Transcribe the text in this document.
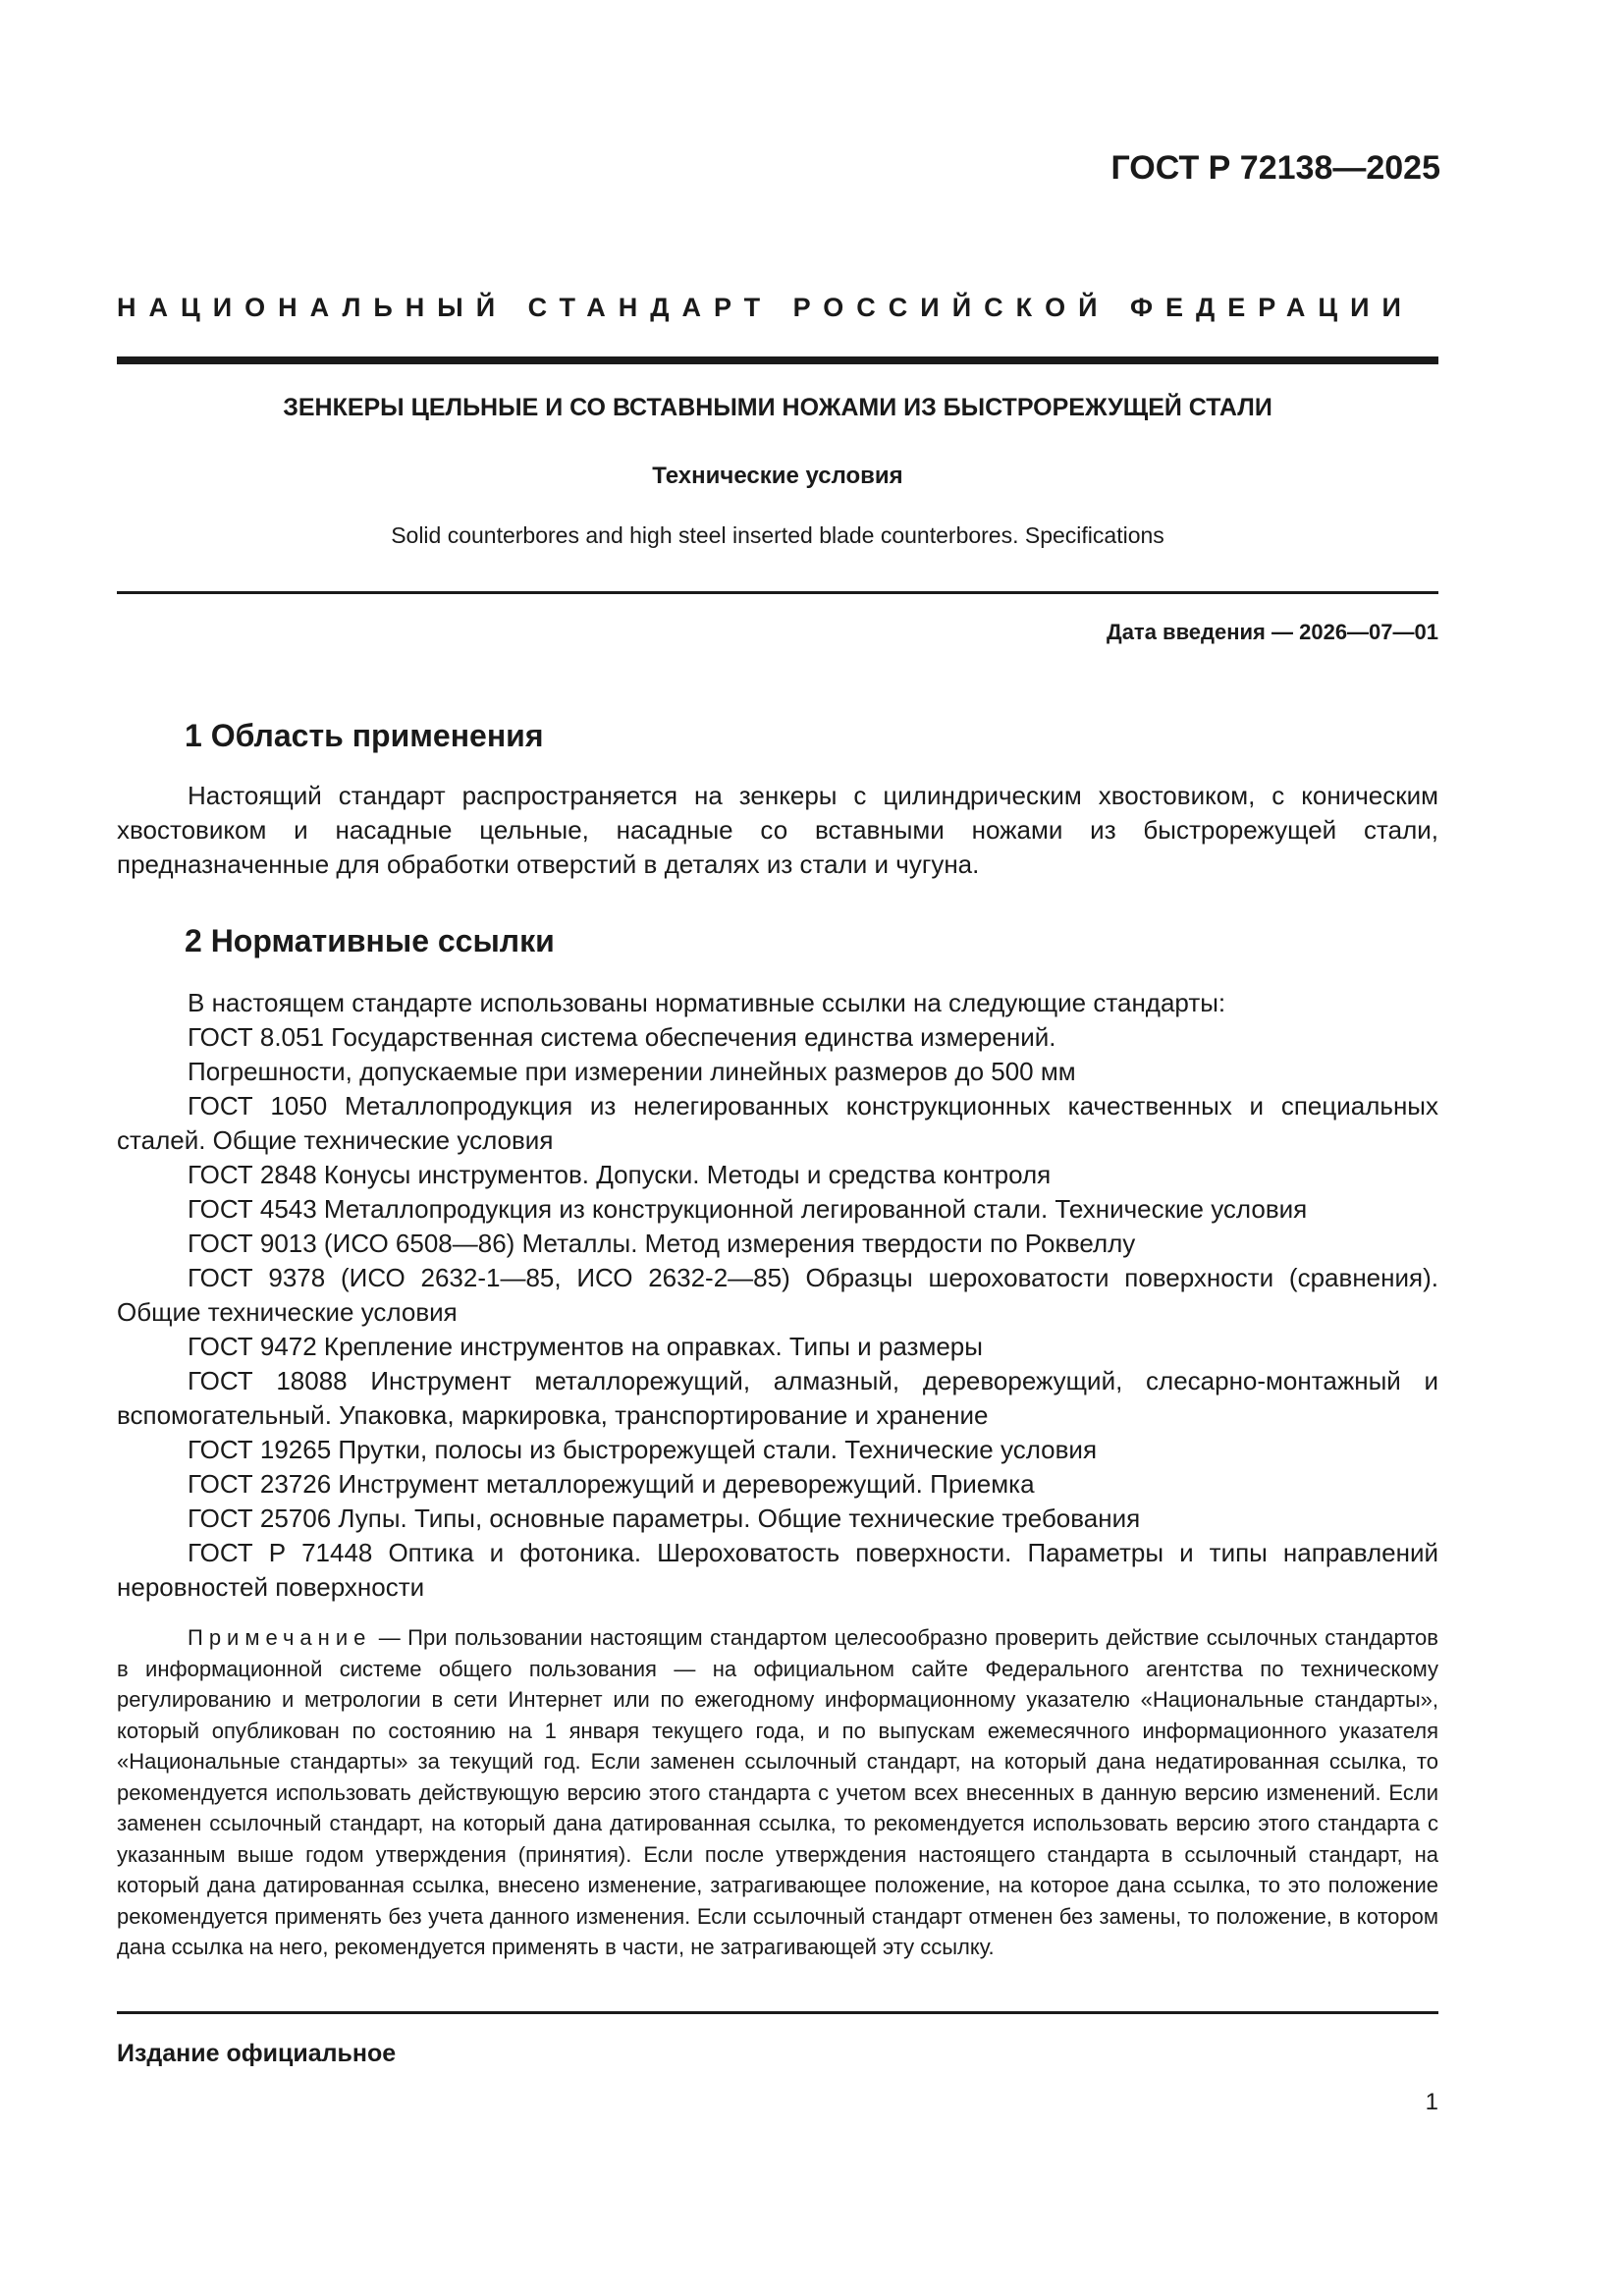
ГОСТ Р 72138—2025
НАЦИОНАЛЬНЫЙ СТАНДАРТ РОССИЙСКОЙ ФЕДЕРАЦИИ
ЗЕНКЕРЫ ЦЕЛЬНЫЕ И СО ВСТАВНЫМИ НОЖАМИ ИЗ БЫСТРОРЕЖУЩЕЙ СТАЛИ
Технические условия
Solid counterbores and high steel inserted blade counterbores. Specifications
Дата введения — 2026—07—01
1 Область применения

Настоящий стандарт распространяется на зенкеры с цилиндрическим хвостовиком, с коническим хвостовиком и насадные цельные, насадные со вставными ножами из быстрорежущей стали, предназначенные для обработки отверстий в деталях из стали и чугуна.

2 Нормативные ссылки

В настоящем стандарте использованы нормативные ссылки на следующие стандарты:

ГОСТ 8.051 Государственная система обеспечения единства измерений.

Погрешности, допускаемые при измерении линейных размеров до 500 мм

ГОСТ 1050 Металлопродукция из нелегированных конструкционных качественных и специальных сталей. Общие технические условия

ГОСТ 2848 Конусы инструментов. Допуски. Методы и средства контроля

ГОСТ 4543 Металлопродукция из конструкционной легированной стали. Технические условия

ГОСТ 9013 (ИСО 6508—86) Металлы. Метод измерения твердости по Роквеллу

ГОСТ 9378 (ИСО 2632-1—85, ИСО 2632-2—85) Образцы шероховатости поверхности (сравнения). Общие технические условия

ГОСТ 9472 Крепление инструментов на оправках. Типы и размеры

ГОСТ 18088 Инструмент металлорежущий, алмазный, дереворежущий, слесарно-монтажный и вспомогательный. Упаковка, маркировка, транспортирование и хранение

ГОСТ 19265 Прутки, полосы из быстрорежущей стали. Технические условия

ГОСТ 23726 Инструмент металлорежущий и дереворежущий. Приемка

ГОСТ 25706 Лупы. Типы, основные параметры. Общие технические требования

ГОСТ Р 71448 Оптика и фотоника. Шероховатость поверхности. Параметры и типы направлений неровностей поверхности

Примечание — При пользовании настоящим стандартом целесообразно проверить действие ссылочных стандартов в информационной системе общего пользования — на официальном сайте Федерального агентства по техническому регулированию и метрологии в сети Интернет или по ежегодному информационному указателю «Национальные стандарты», который опубликован по состоянию на 1 января текущего года, и по выпускам ежемесячного информационного указателя «Национальные стандарты» за текущий год. Если заменен ссылочный стандарт, на который дана недатированная ссылка, то рекомендуется использовать действующую версию этого стандарта с учетом всех внесенных в данную версию изменений. Если заменен ссылочный стандарт, на который дана датированная ссылка, то рекомендуется использовать версию этого стандарта с указанным выше годом утверждения (принятия). Если после утверждения настоящего стандарта в ссылочный стандарт, на который дана датированная ссылка, внесено изменение, затрагивающее положение, на которое дана ссылка, то это положение рекомендуется применять без учета данного изменения. Если ссылочный стандарт отменен без замены, то положение, в котором дана ссылка на него, рекомендуется применять в части, не затрагивающей эту ссылку.
Издание официальное
1
